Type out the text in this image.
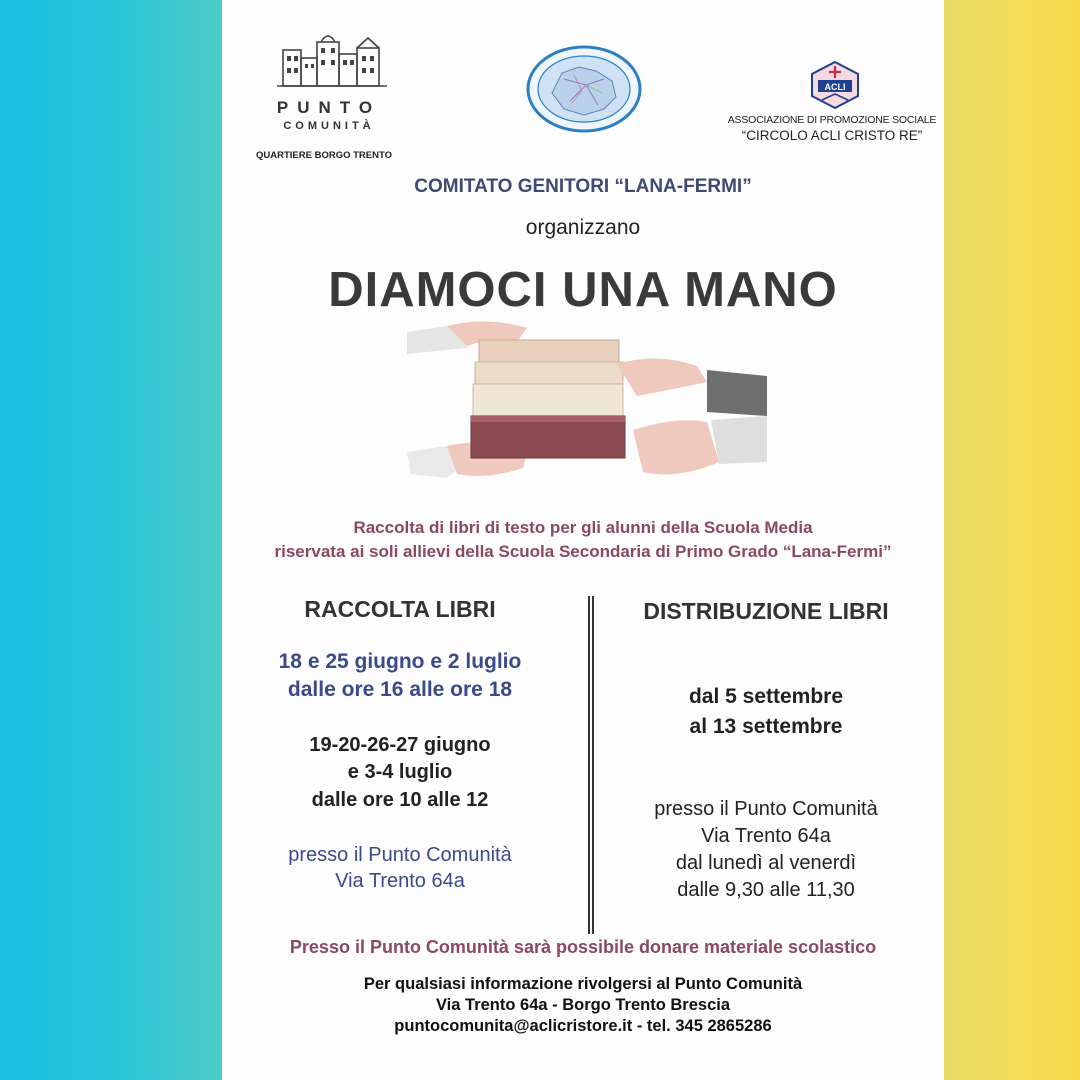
PUNTO
COMUNITÀ
QUARTIERE BORGO TRENTO
ACLI
ASSOCIAZIONE DI PROMOZIONE SOCIALE
“CIRCOLO ACLI CRISTO RE”
COMITATO GENITORI “LANA-FERMI”
organizzano
DIAMOCI UNA MANO
Raccolta di libri di testo per gli alunni della Scuola Media
riservata ai soli allievi della Scuola Secondaria di Primo Grado “Lana-Fermi”
RACCOLTA LIBRI	DISTRIBUZIONE LIBRI
18 e 25 giugno e 2 luglio
dalle ore 16 alle ore 18
19-20-26-27 giugno
e 3-4 luglio
dalle ore 10 alle 12
presso il Punto Comunità
Via Trento 64a
dal 5 settembre
al 13 settembre
presso il Punto Comunità
Via Trento 64a
dal lunedì al venerdì
dalle 9,30 alle 11,30
Presso il Punto Comunità sarà possibile donare materiale scolastico
Per qualsiasi informazione rivolgersi al Punto Comunità
Via Trento 64a - Borgo Trento Brescia
puntocomunita@aclicristore.it - tel. 345 2865286
